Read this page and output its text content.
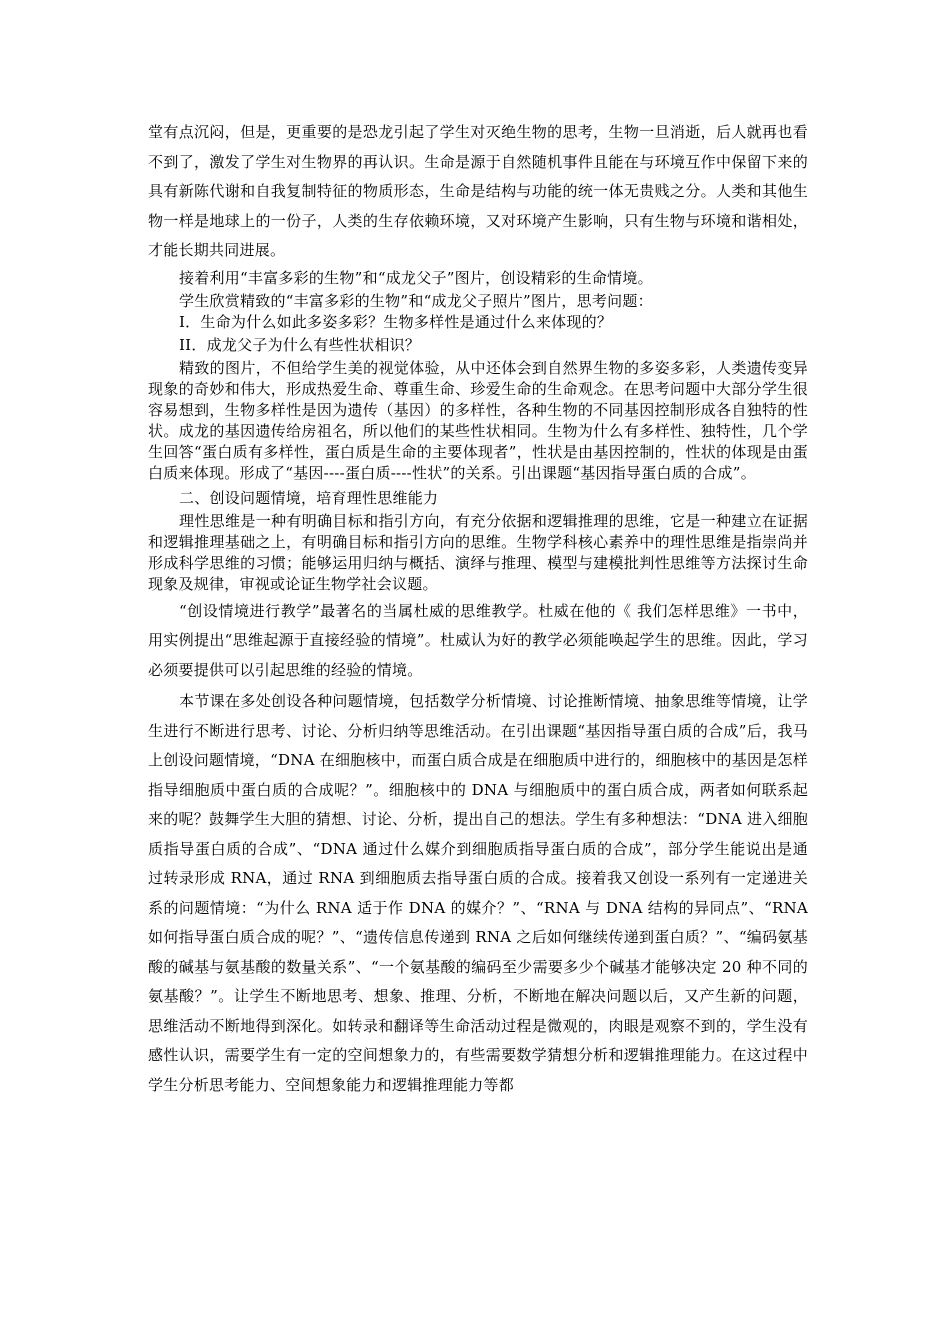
堂有点沉闷，但是，更重要的是恐龙引起了学生对灭绝生物的思考，生物一旦消逝，后人就再也看不到了，激发了学生对生物界的再认识。生命是源于自然随机事件且能在与环境互作中保留下来的具有新陈代谢和自我复制特征的物质形态，生命是结构与功能的统一体无贵贱之分。人类和其他生物一样是地球上的一份子，人类的生存依赖环境，又对环境产生影响，只有生物与环境和谐相处，才能长期共同进展。

接着利用“丰富多彩的生物”和“成龙父子”图片，创设精彩的生命情境。

学生欣赏精致的“丰富多彩的生物”和“成龙父子照片”图片，思考问题：

I．生命为什么如此多姿多彩？生物多样性是通过什么来体现的？

II．成龙父子为什么有些性状相识？

精致的图片，不但给学生美的视觉体验，从中还体会到自然界生物的多姿多彩，人类遗传变异现象的奇妙和伟大，形成热爱生命、尊重生命、珍爱生命的生命观念。在思考问题中大部分学生很容易想到，生物多样性是因为遗传（基因）的多样性，各种生物的不同基因控制形成各自独特的性状。成龙的基因遗传给房祖名，所以他们的某些性状相同。生物为什么有多样性、独特性，几个学生回答“蛋白质有多样性，蛋白质是生命的主要体现者”，性状是由基因控制的，性状的体现是由蛋白质来体现。形成了“基因----蛋白质----性状”的关系。引出课题“基因指导蛋白质的合成”。

二、创设问题情境，培育理性思维能力

理性思维是一种有明确目标和指引方向，有充分依据和逻辑推理的思维，它是一种建立在证据和逻辑推理基础之上，有明确目标和指引方向的思维。生物学科核心素养中的理性思维是指崇尚并形成科学思维的习惯；能够运用归纳与概括、演绎与推理、模型与建模批判性思维等方法探讨生命现象及规律，审视或论证生物学社会议题。

“创设情境进行教学”最著名的当属杜威的思维教学。杜威在他的《 我们怎样思维》一书中，用实例提出“思维起源于直接经验的情境”。杜威认为好的教学必须能唤起学生的思维。因此，学习必须要提供可以引起思维的经验的情境。

本节课在多处创设各种问题情境，包括数学分析情境、讨论推断情境、抽象思维等情境，让学生进行不断进行思考、讨论、分析归纳等思维活动。在引出课题“基因指导蛋白质的合成”后，我马上创设问题情境，“DNA 在细胞核中，而蛋白质合成是在细胞质中进行的，细胞核中的基因是怎样指导细胞质中蛋白质的合成呢？”。细胞核中的 DNA 与细胞质中的蛋白质合成，两者如何联系起来的呢？鼓舞学生大胆的猜想、讨论、分析，提出自己的想法。学生有多种想法：“DNA 进入细胞质指导蛋白质的合成”、“DNA 通过什么媒介到细胞质指导蛋白质的合成”，部分学生能说出是通过转录形成 RNA，通过 RNA 到细胞质去指导蛋白质的合成。接着我又创设一系列有一定递进关系的问题情境：“为什么 RNA 适于作 DNA 的媒介？”、“RNA 与 DNA 结构的异同点”、“RNA 如何指导蛋白质合成的呢？”、“遗传信息传递到 RNA 之后如何继续传递到蛋白质？”、“编码氨基酸的碱基与氨基酸的数量关系”、“一个氨基酸的编码至少需要多少个碱基才能够决定 20 种不同的氨基酸？”。让学生不断地思考、想象、推理、分析，不断地在解决问题以后，又产生新的问题，思维活动不断地得到深化。如转录和翻译等生命活动过程是微观的，肉眼是观察不到的，学生没有感性认识，需要学生有一定的空间想象力的，有些需要数学猜想分析和逻辑推理能力。在这过程中学生分析思考能力、空间想象能力和逻辑推理能力等都
